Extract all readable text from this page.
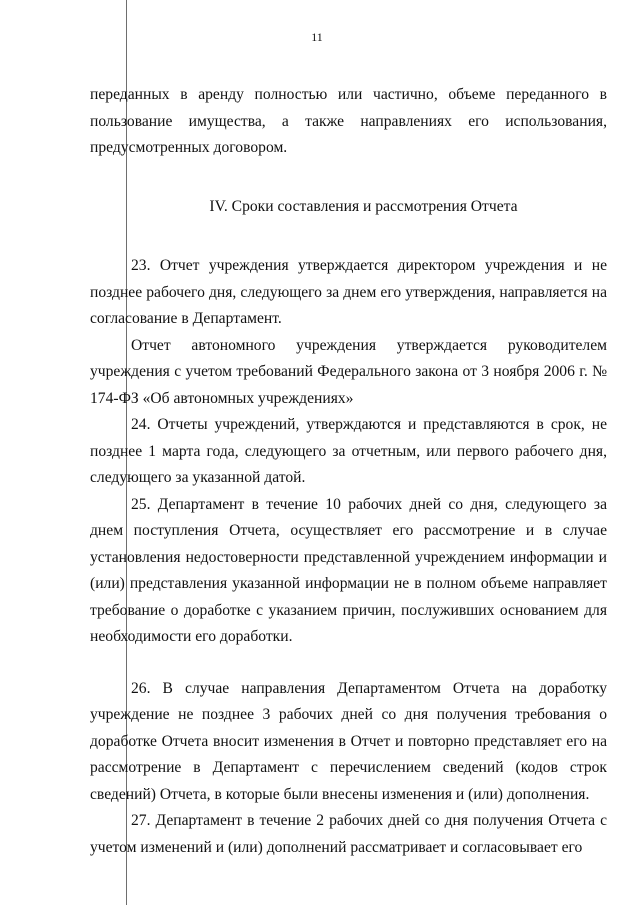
11

переданных в аренду полностью или частично, объеме переданного в пользование имущества, а также направлениях его использования, предусмотренных договором.

IV. Сроки составления и рассмотрения Отчета

23. Отчет учреждения утверждается директором учреждения и не позднее рабочего дня, следующего за днем его утверждения, направляется на согласование в Департамент.

Отчет автономного учреждения утверждается руководителем учреждения с учетом требований Федерального закона от 3 ноября 2006 г. № 174-ФЗ «Об автономных учреждениях»

24. Отчеты учреждений, утверждаются и представляются в срок, не позднее 1 марта года, следующего за отчетным, или первого рабочего дня, следующего за указанной датой.

25. Департамент в течение 10 рабочих дней со дня, следующего за днем поступления Отчета, осуществляет его рассмотрение и в случае установления недостоверности представленной учреждением информации и (или) представления указанной информации не в полном объеме направляет требование о доработке с указанием причин, послуживших основанием для необходимости его доработки.

26. В случае направления Департаментом Отчета на доработку учреждение не позднее 3 рабочих дней со дня получения требования о доработке Отчета вносит изменения в Отчет и повторно представляет его на рассмотрение в Департамент с перечислением сведений (кодов строк сведений) Отчета, в которые были внесены изменения и (или) дополнения.

27. Департамент в течение 2 рабочих дней со дня получения Отчета с учетом изменений и (или) дополнений рассматривает и согласовывает его
